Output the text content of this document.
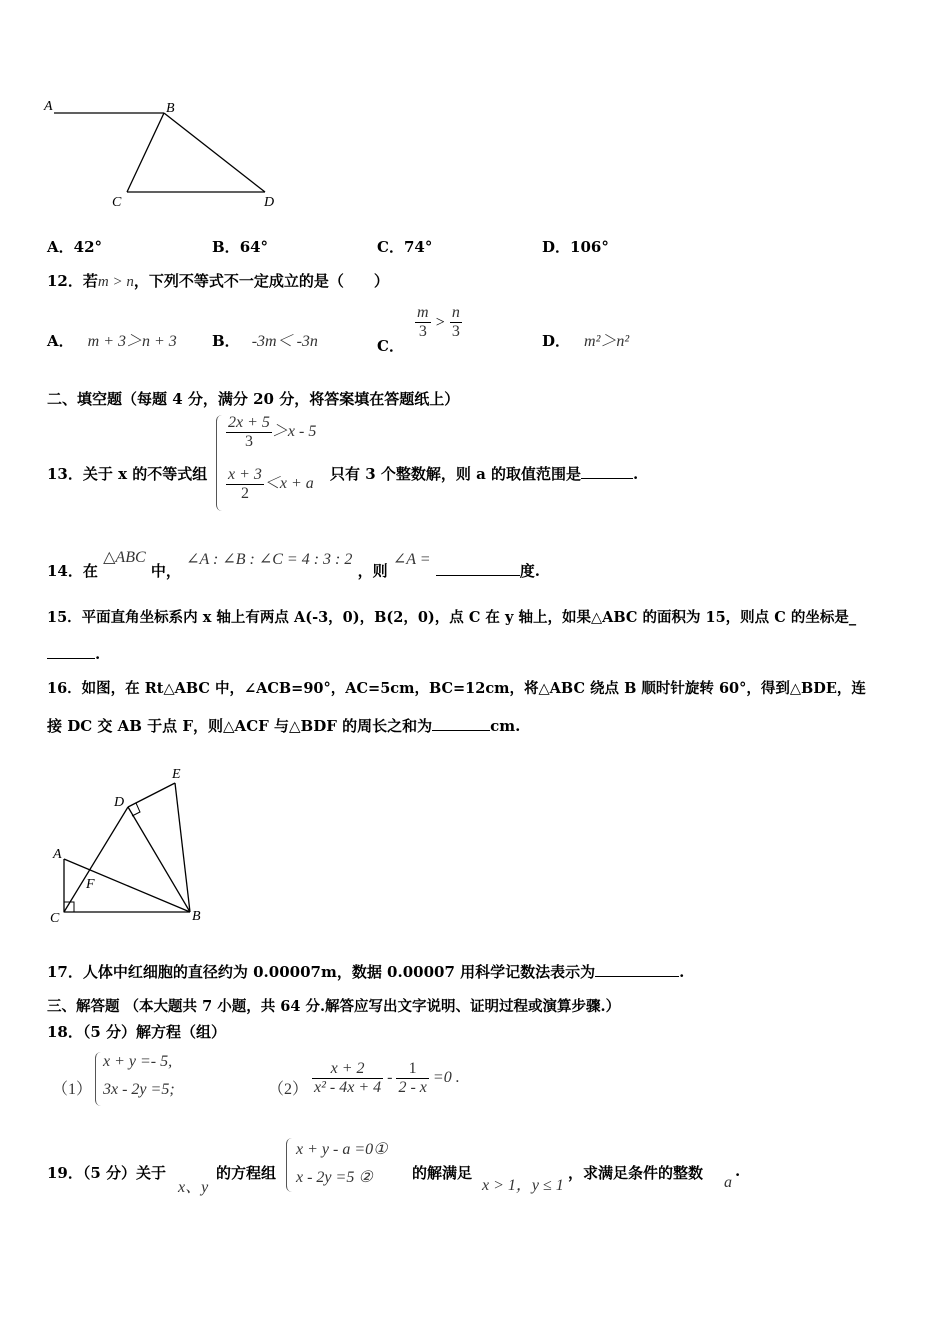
A	B
C	D
A．42°	B．64°	C．74°	D．106°
12．若m > n，下列不等式不一定成立的是（　　）
A． m + 3＞n + 3 B． -3m＜ -3n	C．
$\frac{m}{3} > \frac{n}{3}$	D． m²＞n²
二、填空题（每题 4 分，满分 20 分，将答案填在答题纸上）
13．关于 x 的不等式组
$\frac{2x + 5}{3} >x - 5$
$\frac{x + 3}{2} <x + a$
只有 3 个整数解，则 a 的取值范围是	.
14．在 △ABC 中， ∠A : ∠B : ∠C = 4 : 3 : 2 ，则 ∠A = 度.
15．平面直角坐标系内 x 轴上有两点 A(-3，0)，B(2，0)，点 C 在 y 轴上，如果△ABC 的面积为 15，则点 C 的坐标是_
.
16．如图，在 Rt△ABC 中，∠ACB=90°，AC=5cm，BC=12cm，将△ABC 绕点 B 顺时针旋转 60°，得到△BDE，连
接 DC 交 AB 于点 F，则△ACF 与△BDF 的周长之和为	cm.
E
D
A
F
C	B
17．人体中红细胞的直径约为 0.00007m，数据 0.00007 用科学记数法表示为	.
三、解答题 （本大题共 7 小题，共 64 分.解答应写出文字说明、证明过程或演算步骤.）
18．（5 分）解方程（组）
（1）
x + y =- 5,
3x - 2y =5;	$(2) \frac{x + 2}{\text{x² - 4x + 4}} - \frac{1}{2 - x} =0$ .
19．（5 分）关于
x、y
的方程组
x + y - a =0①
x - 2y =5 ②	的解满足
x > 1，y ≤ 1
，求满足条件的整数
a
.
